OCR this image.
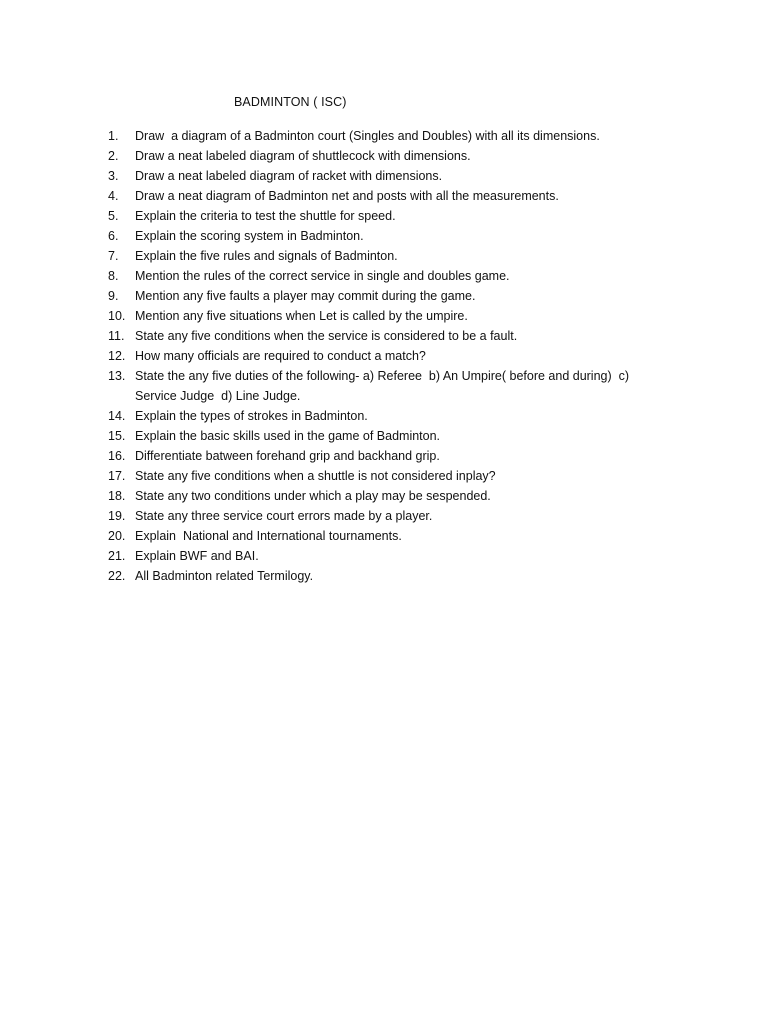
BADMINTON ( ISC)
1.	Draw  a diagram of a Badminton court (Singles and Doubles) with all its dimensions.
2.	Draw a neat labeled diagram of shuttlecock with dimensions.
3.	Draw a neat labeled diagram of racket with dimensions.
4.	Draw a neat diagram of Badminton net and posts with all the measurements.
5.	Explain the criteria to test the shuttle for speed.
6.	Explain the scoring system in Badminton.
7.	Explain the five rules and signals of Badminton.
8.	Mention the rules of the correct service in single and doubles game.
9.	Mention any five faults a player may commit during the game.
10. Mention any five situations when Let is called by the umpire.
11. State any five conditions when the service is considered to be a fault.
12. How many officials are required to conduct a match?
13. State the any five duties of the following- a) Referee  b) An Umpire( before and during)  c) Service Judge  d) Line Judge.
14. Explain the types of strokes in Badminton.
15. Explain the basic skills used in the game of Badminton.
16. Differentiate batween forehand grip and backhand grip.
17. State any five conditions when a shuttle is not considered inplay?
18. State any two conditions under which a play may be sespended.
19. State any three service court errors made by a player.
20. Explain  National and International tournaments.
21. Explain BWF and BAI.
22. All Badminton related Termilogy.
